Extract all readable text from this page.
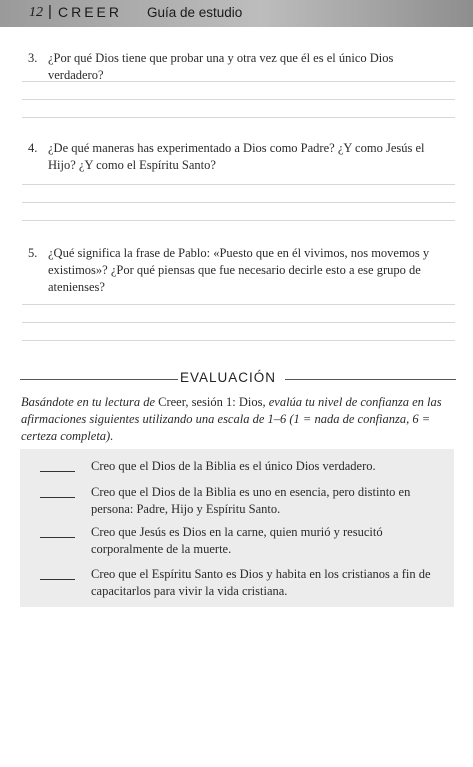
12 | CREER Guía de estudio
3. ¿Por qué Dios tiene que probar una y otra vez que él es el único Dios verdadero?
4. ¿De qué maneras has experimentado a Dios como Padre? ¿Y como Jesús el Hijo? ¿Y como el Espíritu Santo?
5. ¿Qué significa la frase de Pablo: «Puesto que en él vivimos, nos movemos y existimos»? ¿Por qué piensas que fue necesario decirle esto a ese grupo de atenienses?
EVALUACIÓN
Basándote en tu lectura de Creer, sesión 1: Dios, evalúa tu nivel de confianza en las afirmaciones siguientes utilizando una escala de 1–6 (1 = nada de confianza, 6 = certeza completa).
Creo que el Dios de la Biblia es el único Dios verdadero.
Creo que el Dios de la Biblia es uno en esencia, pero distinto en persona: Padre, Hijo y Espíritu Santo.
Creo que Jesús es Dios en la carne, quien murió y resucitó corporalmente de la muerte.
Creo que el Espíritu Santo es Dios y habita en los cristianos a fin de capacitarlos para vivir la vida cristiana.
